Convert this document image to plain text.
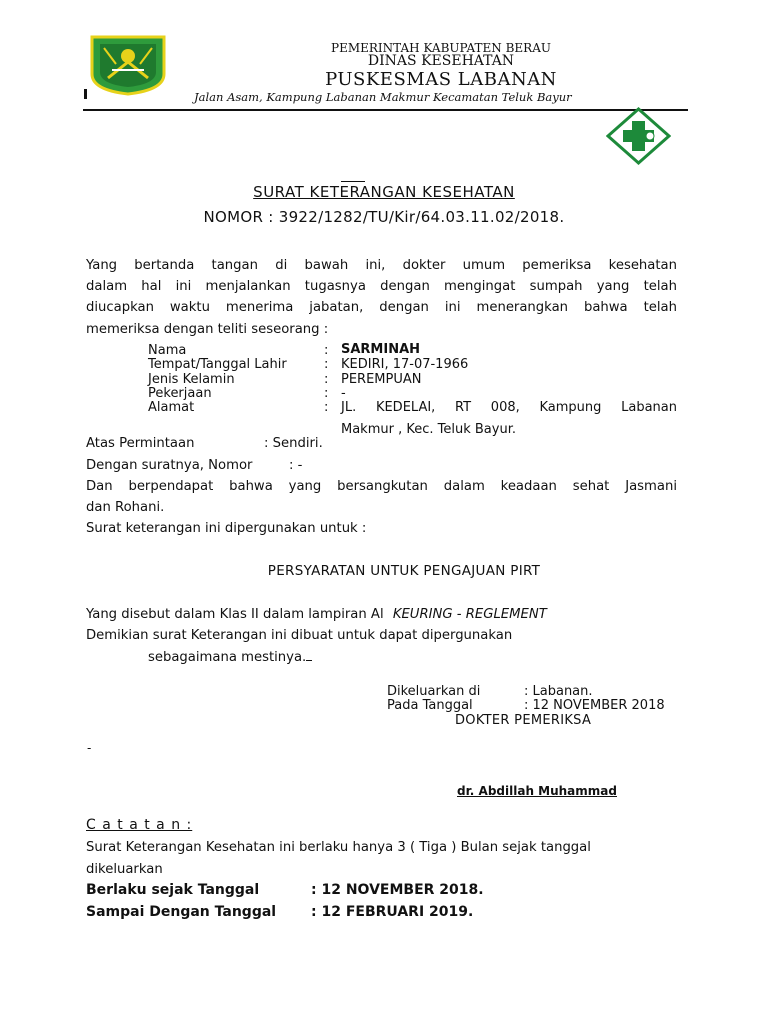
PEMERINTAH KABUPATEN BERAU
DINAS KESEHATAN
PUSKESMAS LABANAN
Jalan Asam, Kampung Labanan Makmur Kecamatan Teluk Bayur
SURAT KETERANGAN KESEHATAN
NOMOR : 3922/1282/TU/Kir/64.03.11.02/2018.
Yang bertanda tangan di bawah ini, dokter umum pemeriksa kesehatan
dalam hal ini menjalankan tugasnya dengan mengingat sumpah yang telah
diucapkan waktu menerima jabatan, dengan ini menerangkan bahwa telah
memeriksa dengan teliti seseorang :
Nama	: SARMINAH
Tempat/Tanggal Lahir	: KEDIRI, 17-07-1966
Jenis Kelamin	: PEREMPUAN
Pekerjaan	: -
Alamat	: JL. KEDELAI, RT 008, Kampung Labanan
Makmur , Kec. Teluk Bayur.
Atas Permintaan	: Sendiri.
Dengan suratnya, Nomor	: -
Dan berpendapat bahwa yang bersangkutan dalam keadaan sehat Jasmani
dan Rohani.
Surat keterangan ini dipergunakan untuk :
PERSYARATAN UNTUK PENGAJUAN PIRT
Yang disebut dalam Klas II dalam lampiran Al KEURING - REGLEMENT
Demikian surat Keterangan ini dibuat untuk dapat dipergunakan
sebagaimana mestinya.
Dikeluarkan di	: Labanan.
Pada Tanggal	: 12 NOVEMBER 2018
DOKTER PEMERIKSA
-
dr. Abdillah Muhammad
C a t a t a n :
Surat Keterangan Kesehatan ini berlaku hanya 3 ( Tiga ) Bulan sejak tanggal
dikeluarkan
Berlaku sejak Tanggal	: 12 NOVEMBER 2018.
Sampai Dengan Tanggal : 12 FEBRUARI 2019.
